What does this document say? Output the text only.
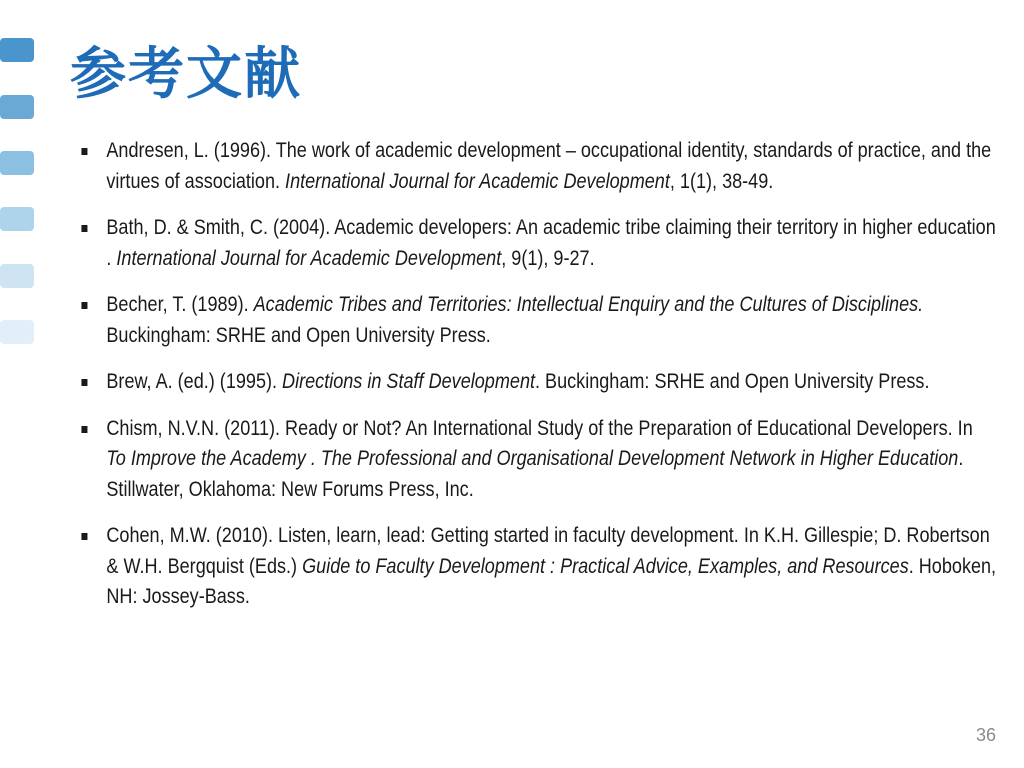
参考文献
Andresen, L. (1996). The work of academic development – occupational identity, standards of practice, and the virtues of association. International Journal for Academic Development, 1(1), 38-49.
Bath, D. & Smith, C. (2004). Academic developers: An academic tribe claiming their territory in higher education . International Journal for Academic Development, 9(1), 9-27.
Becher, T. (1989). Academic Tribes and Territories: Intellectual Enquiry and the Cultures of Disciplines. Buckingham: SRHE and Open University Press.
Brew, A. (ed.) (1995). Directions in Staff Development. Buckingham: SRHE and Open University Press.
Chism, N.V.N. (2011). Ready or Not? An International Study of the Preparation of Educational Developers. In To Improve the Academy . The Professional and Organisational Development Network in Higher Education. Stillwater, Oklahoma: New Forums Press, Inc.
Cohen, M.W. (2010). Listen, learn, lead: Getting started in faculty development. In K.H. Gillespie; D. Robertson & W.H. Bergquist (Eds.) Guide to Faculty Development : Practical Advice, Examples, and Resources. Hoboken, NH: Jossey-Bass.
36
